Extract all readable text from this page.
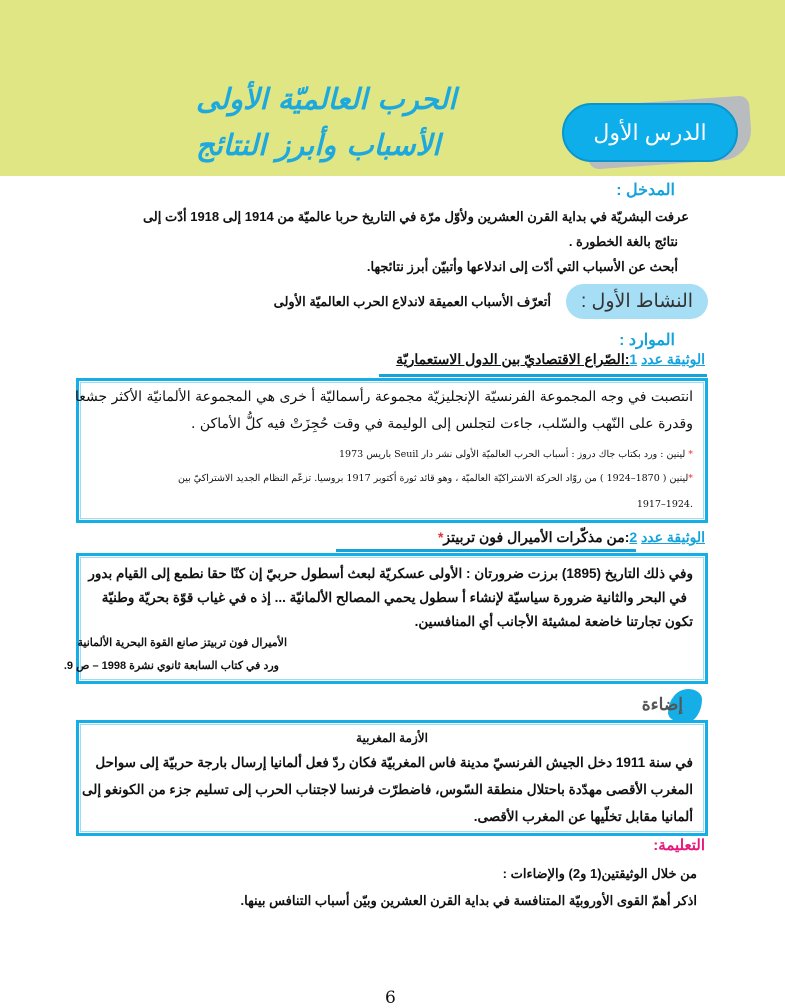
الحرب العالميّة الأولى
الأسباب وأبرز النتائج	الدرس الأول
المدخل :
عرفت البشريّة في بداية القرن العشرين ولأوّل مرّة في التاريخ حربا عالميّة من 1914 إلى 1918 أدّت إلى
نتائج بالغة الخطورة .
أبحث عن الأسباب التي أدّت إلى اندلاعها وأتبيّن أبرز نتائجها.
النشاط الأول :
أتعرّف الأسباب العميقة لاندلاع الحرب العالميّة الأولى
الموارد :
الوثيقة عدد 1:الصّراع الاقتصاديّ بين الدول الاستعماريّة
انتصبت في وجه المجموعة الفرنسيّة الإنجليزيّة مجموعة رأسماليّة أ خرى هي المجموعة الألمانيّة الأكثر جشعا
وقدرة على النّهب والسّلب، جاءت لتجلس إلى الوليمة في وقت حُجِزَتْ فيه كلُّ الأماكن .
* لينين : ورد بكتاب جاك دروز : أسباب الحرب العالميّة الأولى نشر دار Seuil باريس 1973
*لينين ( 1870–1924 ) من روّاد الحركة الاشتراكيّة العالميّة ، وهو قائد ثورة أكتوبر 1917 بروسيا. تزعّم النظام الجديد الاشتراكيّ بين
.1924–1917
الوثيقة عدد 2:من مذكّرات الأميرال فون تربيتز*
وفي ذلك التاريخ (1895) برزت ضرورتان : الأولى عسكريّة لبعث أسطول حربيّ إن كنّا حقا نطمع إلى القيام بدور
في البحر والثانية ضرورة سياسيّة لإنشاء أ سطول يحمي المصالح الألمانيّة ... إذ ه في غياب قوّة بحريّة وطنيّة
تكون تجارتنا خاضعة لمشيئة الأجانب أي المنافسين.
الأميرال فون تربيتز صانع القوة البحرية الألمانية
ورد في كتاب السابعة ثانوي نشرة 1998 – ص 9.
إضاءة
الأزمة المغربية
في سنة 1911 دخل الجيش الفرنسيّ مدينة فاس المغربيّة فكان ردّ فعل ألمانيا إرسال بارجة حربيّة إلى سواحل
المغرب الأقصى مهدّدة باحتلال منطقة السّوس، فاضطرّت فرنسا لاجتناب الحرب إلى تسليم جزء من الكونغو إلى
ألمانيا مقابل تخلّيها عن المغرب الأقصى.
التعليمة:
من خلال الوثيقتين(1 و2) والإضاءات :
اذكر أهمّ القوى الأوروبيّة المتنافسة في بداية القرن العشرين وبيّن أسباب التنافس بينها.
6
